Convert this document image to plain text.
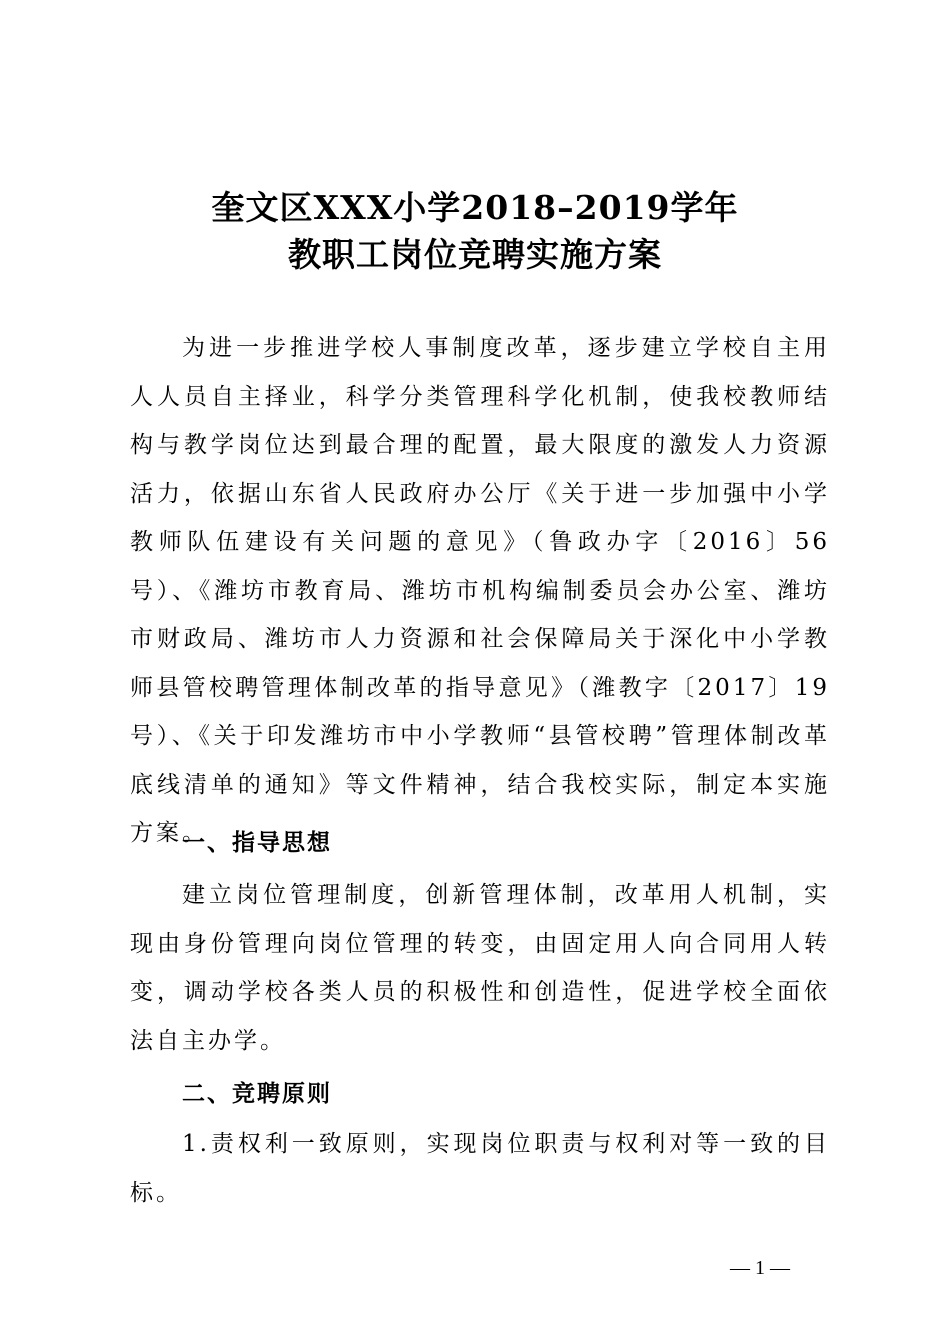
奎文区XXX小学2018–2019学年
教职工岗位竞聘实施方案
为进一步推进学校人事制度改革，逐步建立学校自主用人人员自主择业，科学分类管理科学化机制，使我校教师结构与教学岗位达到最合理的配置，最大限度的激发人力资源活力，依据山东省人民政府办公厅《关于进一步加强中小学教师队伍建设有关问题的意见》（鲁政办字〔2016〕56号）、《潍坊市教育局、潍坊市机构编制委员会办公室、潍坊市财政局、潍坊市人力资源和社会保障局关于深化中小学教师县管校聘管理体制改革的指导意见》（潍教字〔2017〕19号）、《关于印发潍坊市中小学教师“县管校聘”管理体制改革底线清单的通知》等文件精神，结合我校实际，制定本实施方案。
一、指导思想
建立岗位管理制度，创新管理体制，改革用人机制，实现由身份管理向岗位管理的转变，由固定用人向合同用人转变，调动学校各类人员的积极性和创造性，促进学校全面依法自主办学。
二、竞聘原则
1.责权利一致原则，实现岗位职责与权利对等一致的目标。
— 1 —
